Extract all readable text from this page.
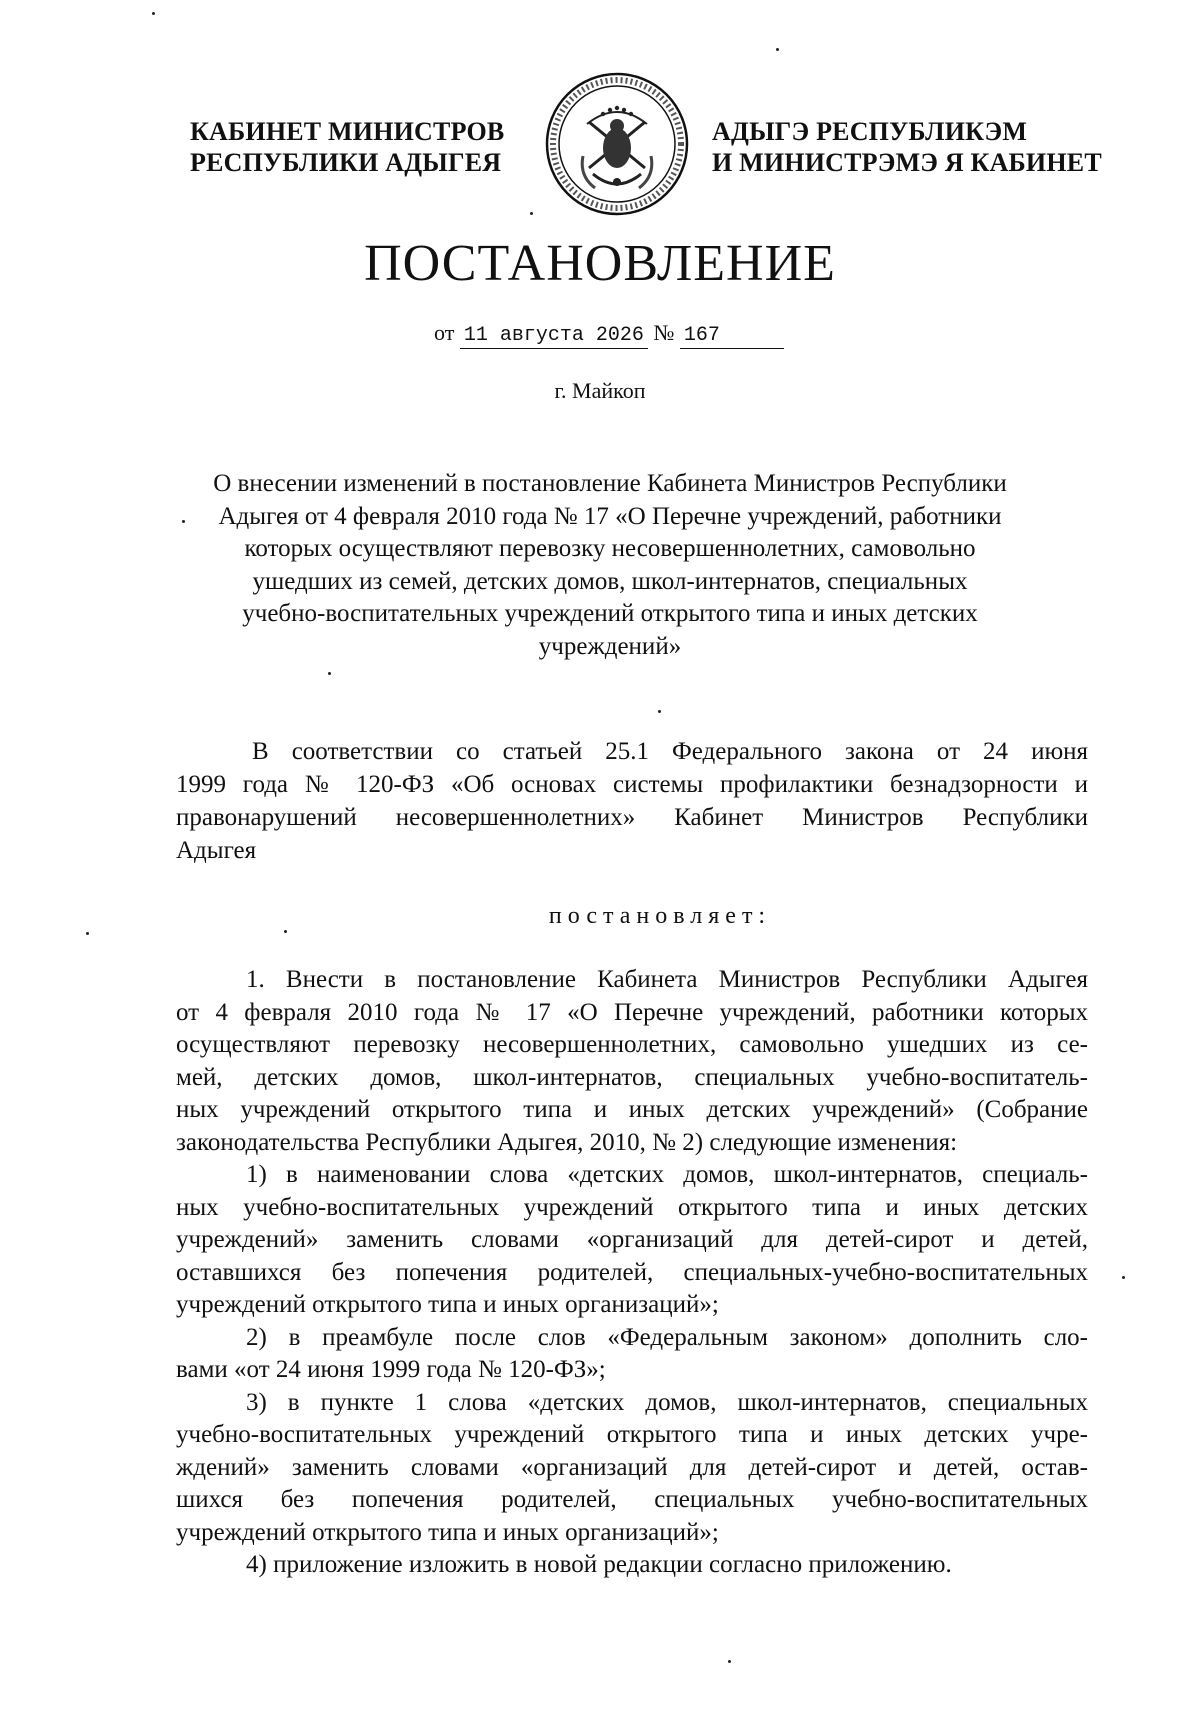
КАБИНЕТ МИНИСТРОВ
РЕСПУБЛИКИ АДЫГЕЯ
АДЫГЭ РЕСПУБЛИКЭМ
И МИНИСТРЭМЭ Я КАБИНЕТ
ПОСТАНОВЛЕНИЕ
от 11 августа 2026 № 167
г. Майкоп
О внесении изменений в постановление Кабинета Министров Республики
Адыгея от 4 февраля 2010 года № 17 «О Перечне учреждений, работники
которых осуществляют перевозку несовершеннолетних, самовольно
ушедших из семей, детских домов, школ-интернатов, специальных
учебно-воспитательных учреждений открытого типа и иных детских
учреждений»
В соответствии со статьей 25.1 Федерального закона от 24 июня
1999 года № 120-ФЗ «Об основах системы профилактики безнадзорности и
правонарушений несовершеннолетних» Кабинет Министров Республики
Адыгея
постановляет:
1. Внести в постановление Кабинета Министров Республики Адыгея
от 4 февраля 2010 года № 17 «О Перечне учреждений, работники которых
осуществляют перевозку несовершеннолетних, самовольно ушедших из се-
мей, детских домов, школ-интернатов, специальных учебно-воспитатель-
ных учреждений открытого типа и иных детских учреждений» (Собрание
законодательства Республики Адыгея, 2010, № 2) следующие изменения:
1) в наименовании слова «детских домов, школ-интернатов, специаль-
ных учебно-воспитательных учреждений открытого типа и иных детских
учреждений» заменить словами «организаций для детей-сирот и детей,
оставшихся без попечения родителей, специальных-учебно-воспитательных
учреждений открытого типа и иных организаций»;
2) в преамбуле после слов «Федеральным законом» дополнить сло-
вами «от 24 июня 1999 года № 120-ФЗ»;
3) в пункте 1 слова «детских домов, школ-интернатов, специальных
учебно-воспитательных учреждений открытого типа и иных детских учре-
ждений» заменить словами «организаций для детей-сирот и детей, остав-
шихся без попечения родителей, специальных учебно-воспитательных
учреждений открытого типа и иных организаций»;
4) приложение изложить в новой редакции согласно приложению.
